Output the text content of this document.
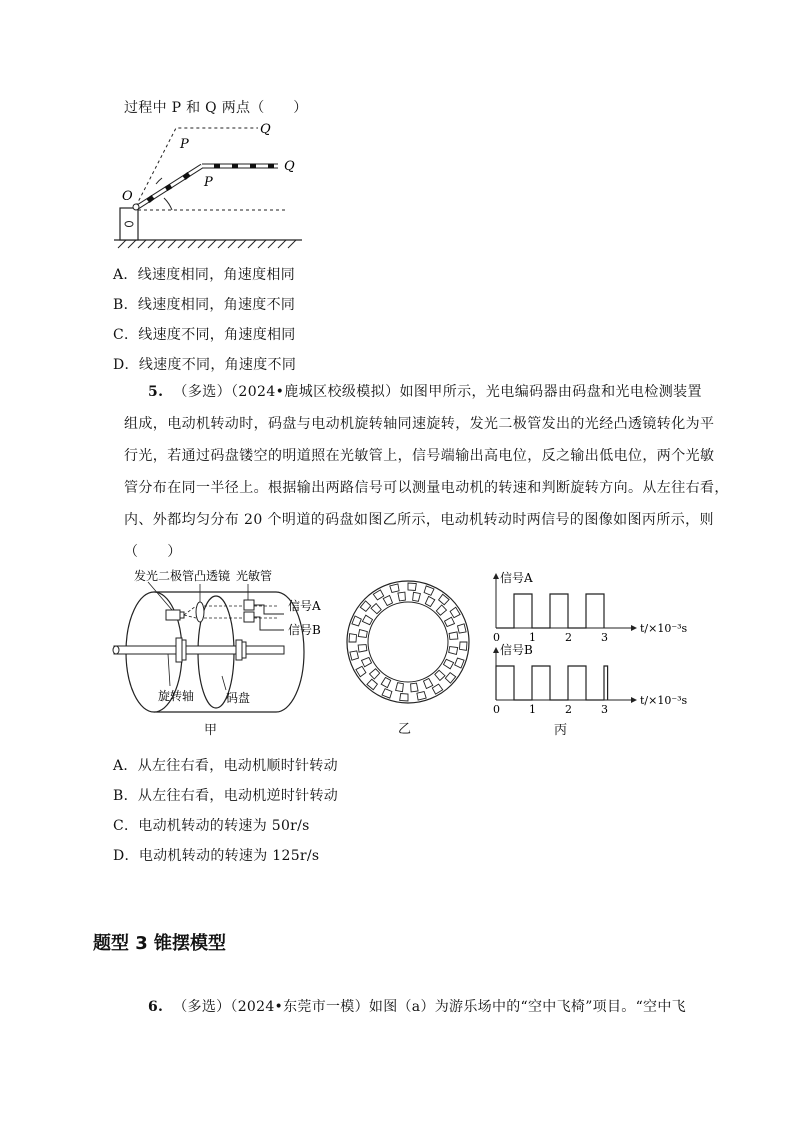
过程中 P 和 Q 两点（　　）
O
P
Q
P
Q
A．线速度相同，角速度相同
B．线速度相同，角速度不同
C．线速度不同，角速度相同
D．线速度不同，角速度不同
5. （多选）（2024•鹿城区校级模拟）如图甲所示，光电编码器由码盘和光电检测装置
组成，电动机转动时，码盘与电动机旋转轴同速旋转，发光二极管发出的光经凸透镜转化为平
行光，若通过码盘镂空的明道照在光敏管上，信号端输出高电位，反之输出低电位，两个光敏
管分布在同一半径上。根据输出两路信号可以测量电动机的转速和判断旋转方向。从左往右看，
内、外都均匀分布 20 个明道的码盘如图乙所示，电动机转动时两信号的图像如图丙所示，则
（　　）
发光二极管 凸透镜 光敏管
信号A
信号B
旋转轴	码盘
甲	乙
0	1	2	3
0	1	2	3
信号A
信号B
t/×10⁻³s
t/×10⁻³s
丙
A．从左往右看，电动机顺时针转动
B．从左往右看，电动机逆时针转动
C．电动机转动的转速为 50r/s
D．电动机转动的转速为 125r/s
题型 3 锥摆模型
6. （多选）（2024•东莞市一模）如图（a）为游乐场中的“空中飞椅”项目。“空中飞
